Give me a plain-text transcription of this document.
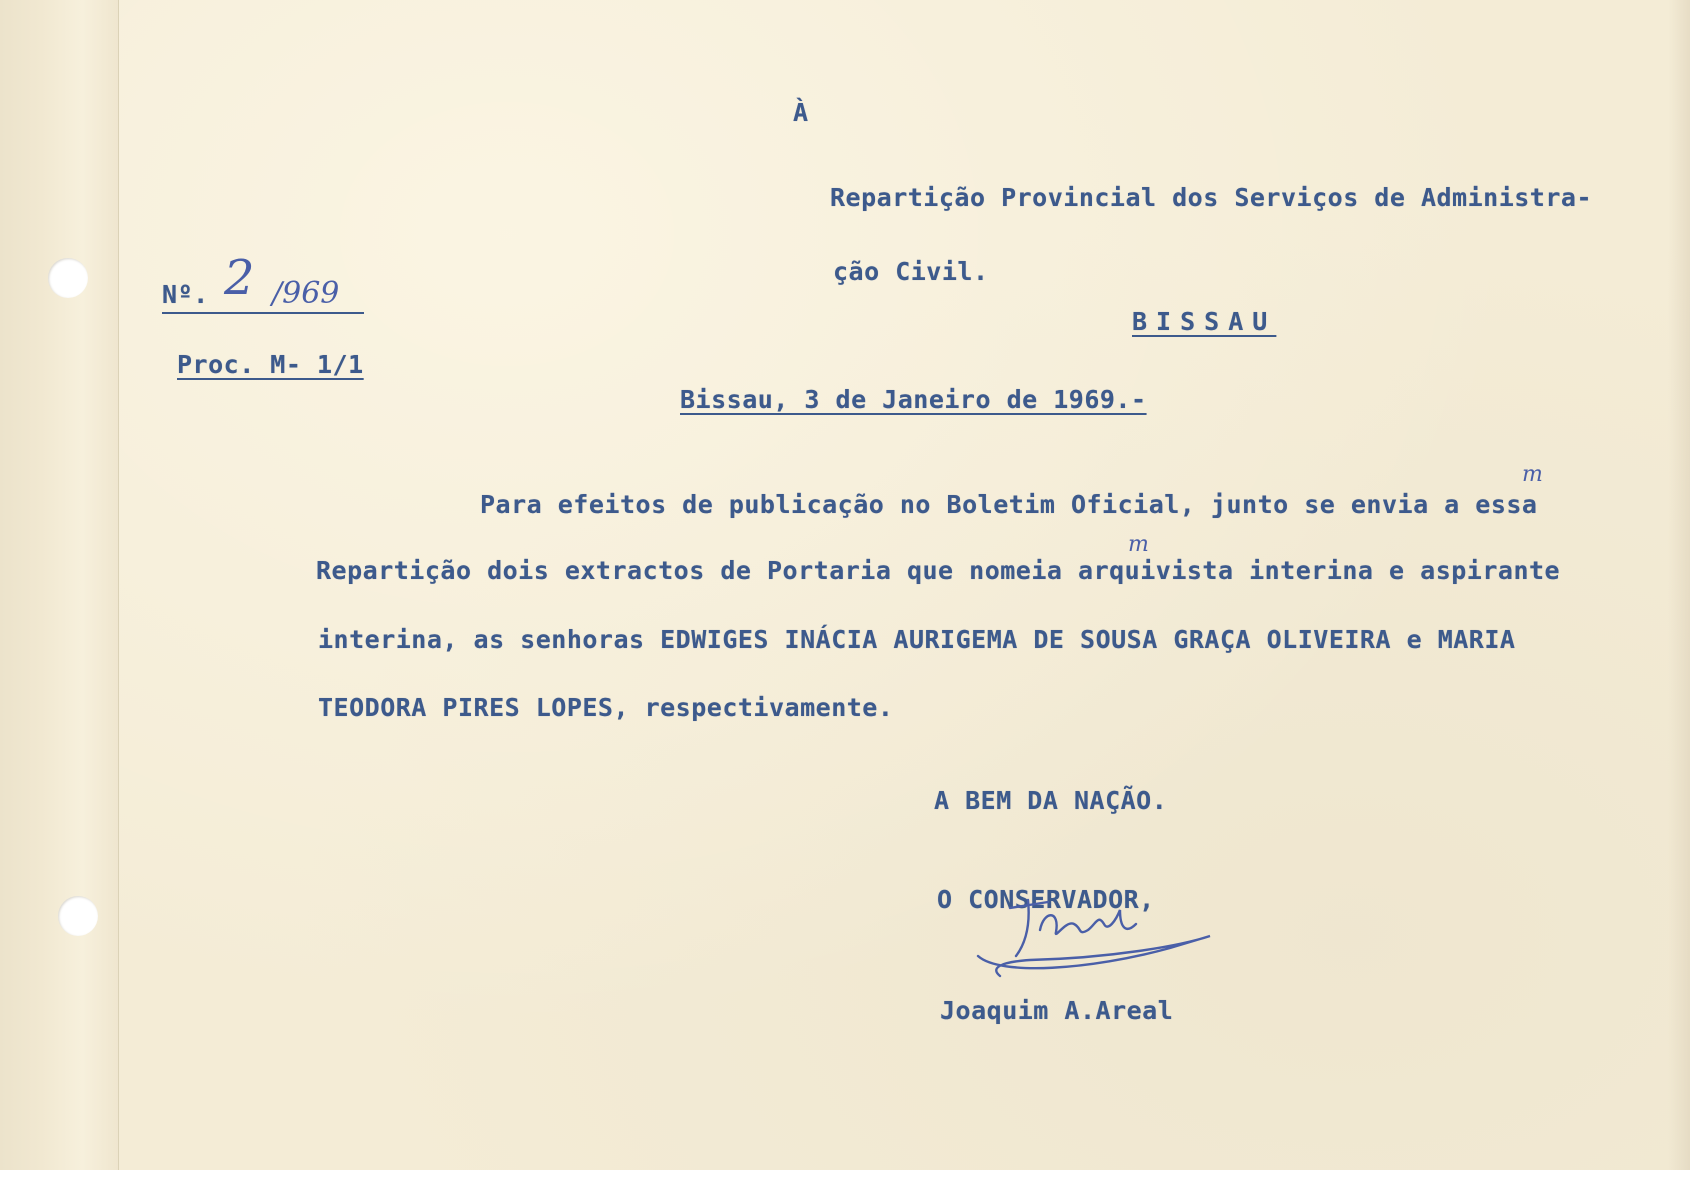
À
Repartição Provincial dos Serviços de Administra-
ção Civil.
BISSAU
Nº. 2 /969
Proc. M- 1/1
Bissau, 3 de Janeiro de 1969.-
Para efeitos de publicação no Boletim Oficial, junto se envia a essa
m
Repartição dois extractos de Portaria que nomeia arquivista interina e aspirante
m
interina, as senhoras EDWIGES INÁCIA AURIGEMA DE SOUSA GRAÇA OLIVEIRA e MARIA
TEODORA PIRES LOPES, respectivamente.
A BEM DA NAÇÃO.
O CONSERVADOR,
Joaquim A.Areal
